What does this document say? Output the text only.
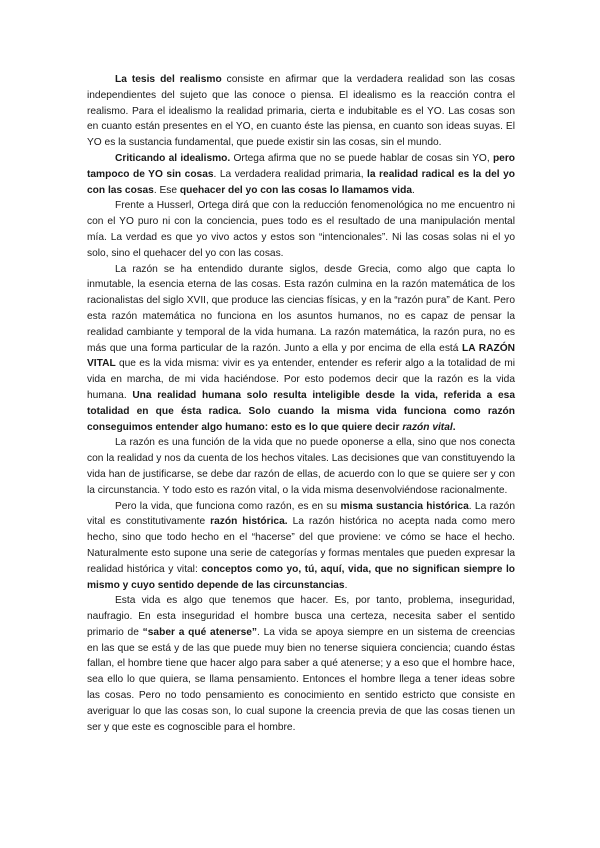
La tesis del realismo consiste en afirmar que la verdadera realidad son las cosas independientes del sujeto que las conoce o piensa. El idealismo es la reacción contra el realismo. Para el idealismo la realidad primaria, cierta e indubitable es el YO. Las cosas son en cuanto están presentes en el YO, en cuanto éste las piensa, en cuanto son ideas suyas. El YO es la sustancia fundamental, que puede existir sin las cosas, sin el mundo.

Criticando al idealismo. Ortega afirma que no se puede hablar de cosas sin YO, pero tampoco de YO sin cosas. La verdadera realidad primaria, la realidad radical es la del yo con las cosas. Ese quehacer del yo con las cosas lo llamamos vida.

Frente a Husserl, Ortega dirá que con la reducción fenomenológica no me encuentro ni con el YO puro ni con la conciencia, pues todo es el resultado de una manipulación mental mía. La verdad es que yo vivo actos y estos son “intencionales”. Ni las cosas solas ni el yo solo, sino el quehacer del yo con las cosas.

La razón se ha entendido durante siglos, desde Grecia, como algo que capta lo inmutable, la esencia eterna de las cosas. Esta razón culmina en la razón matemática de los racionalistas del siglo XVII, que produce las ciencias físicas, y en la “razón pura” de Kant. Pero esta razón matemática no funciona en los asuntos humanos, no es capaz de pensar la realidad cambiante y temporal de la vida humana. La razón matemática, la razón pura, no es más que una forma particular de la razón. Junto a ella y por encima de ella está LA RAZÓN VITAL que es la vida misma: vivir es ya entender, entender es referir algo a la totalidad de mi vida en marcha, de mi vida haciéndose. Por esto podemos decir que la razón es la vida humana. Una realidad humana solo resulta inteligible desde la vida, referida a esa totalidad en que ésta radica. Solo cuando la misma vida funciona como razón conseguimos entender algo humano: esto es lo que quiere decir razón vital.

La razón es una función de la vida que no puede oponerse a ella, sino que nos conecta con la realidad y nos da cuenta de los hechos vitales. Las decisiones que van constituyendo la vida han de justificarse, se debe dar razón de ellas, de acuerdo con lo que se quiere ser y con la circunstancia. Y todo esto es razón vital, o la vida misma desenvolviéndose racionalmente.

Pero la vida, que funciona como razón, es en su misma sustancia histórica. La razón vital es constitutivamente razón histórica. La razón histórica no acepta nada como mero hecho, sino que todo hecho en el “hacerse” del que proviene: ve cómo se hace el hecho. Naturalmente esto supone una serie de categorías y formas mentales que pueden expresar la realidad histórica y vital: conceptos como yo, tú, aquí, vida, que no significan siempre lo mismo y cuyo sentido depende de las circunstancias.

Esta vida es algo que tenemos que hacer. Es, por tanto, problema, inseguridad, naufragio. En esta inseguridad el hombre busca una certeza, necesita saber el sentido primario de “saber a qué atenerse”. La vida se apoya siempre en un sistema de creencias en las que se está y de las que puede muy bien no tenerse siquiera conciencia; cuando éstas fallan, el hombre tiene que hacer algo para saber a qué atenerse; y a eso que el hombre hace, sea ello lo que quiera, se llama pensamiento. Entonces el hombre llega a tener ideas sobre las cosas. Pero no todo pensamiento es conocimiento en sentido estricto que consiste en averiguar lo que las cosas son, lo cual supone la creencia previa de que las cosas tienen un ser y que este es cognoscible para el hombre.
